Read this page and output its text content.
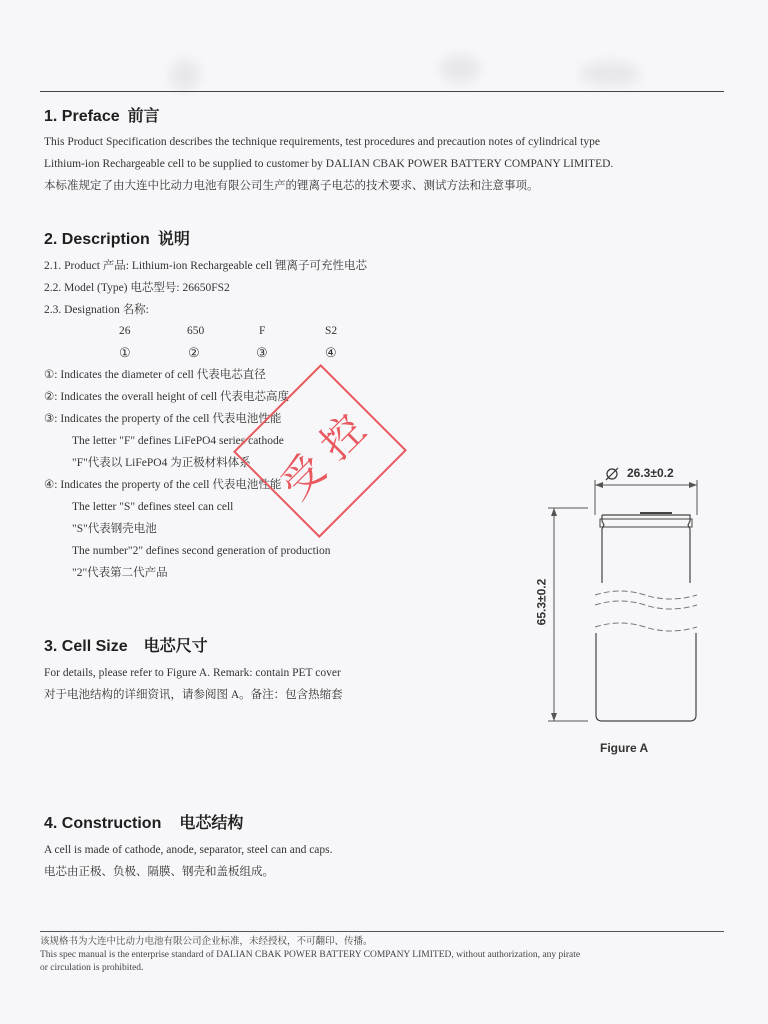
1. Preface 前言
This Product Specification describes the technique requirements, test procedures and precaution notes of cylindrical type
Lithium-ion Rechargeable cell to be supplied to customer by DALIAN CBAK POWER BATTERY COMPANY LIMITED.
本标准规定了由大连中比动力电池有限公司生产的锂离子电芯的技术要求、测试方法和注意事项。
2. Description 说明
2.1. Product 产品: Lithium-ion Rechargeable cell 锂离子可充性电芯
2.2. Model (Type) 电芯型号: 26650FS2
2.3. Designation 名称:
26	650	F	S2
①	②	③	④
①: Indicates the diameter of cell 代表电芯直径
②: Indicates the overall height of cell 代表电芯高度
③: Indicates the property of the cell 代表电池性能
The letter "F" defines LiFePO4 series cathode
"F"代表以 LiFePO4 为正极材料体系
④: Indicates the property of the cell 代表电池性能
The letter "S" defines steel can cell
"S"代表钢壳电池
The number"2" defines second generation of production
"2"代表第二代产品
受控
3. Cell Size 电芯尺寸
For details, please refer to Figure A. Remark: contain PET cover
对于电池结构的详细资讯，请参阅图 A。备注：包含热缩套
26.3±0.2
65.3±0.2
Figure A
4. Construction 电芯结构
A cell is made of cathode, anode, separator, steel can and caps.
电芯由正极、负极、隔膜、钢壳和盖板组成。
该规格书为大连中比动力电池有限公司企业标准，未经授权，不可翻印、传播。
This spec manual is the enterprise standard of DALIAN CBAK POWER BATTERY COMPANY LIMITED, without authorization, any pirate
or circulation is prohibited.
